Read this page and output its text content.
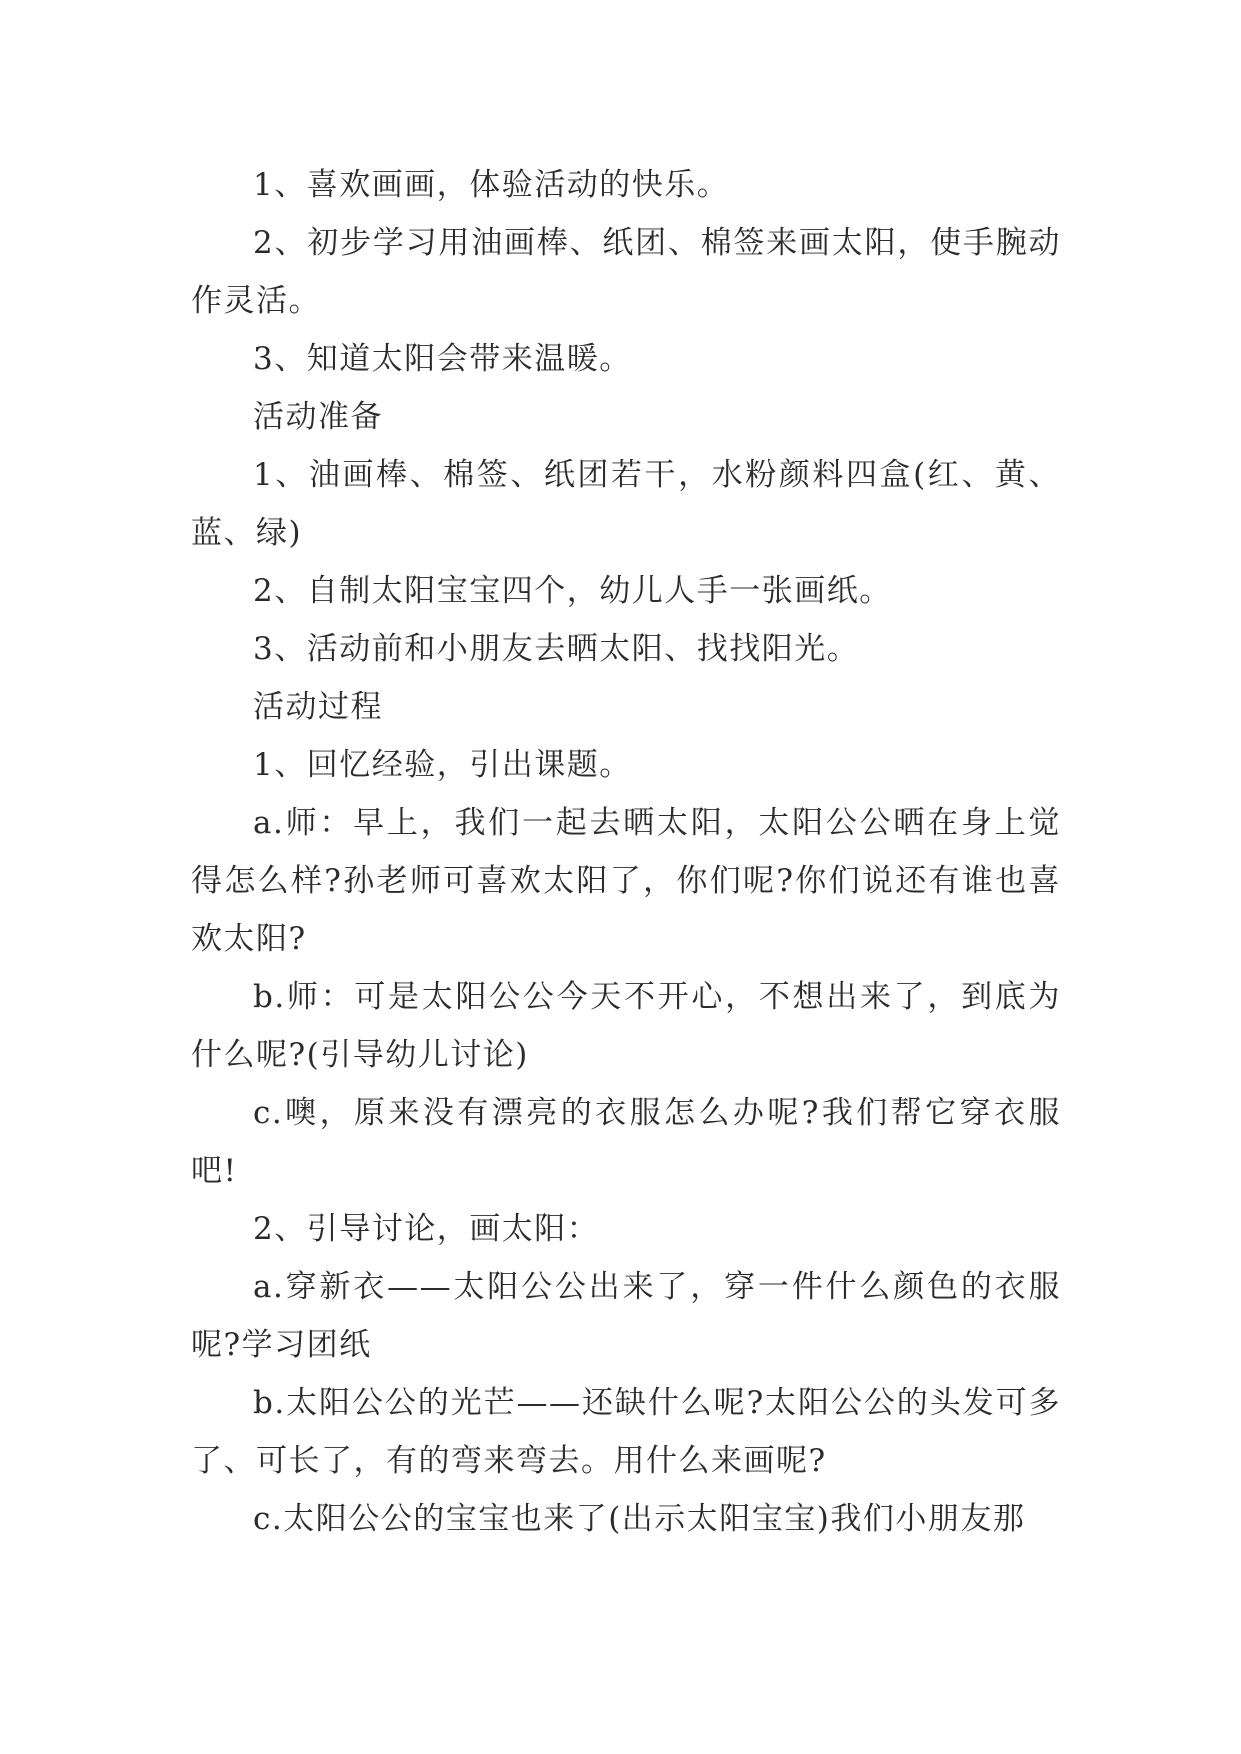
1、喜欢画画，体验活动的快乐。

2、初步学习用油画棒、纸团、棉签来画太阳，使手腕动作灵活。

3、知道太阳会带来温暖。

活动准备

1、油画棒、棉签、纸团若干，水粉颜料四盒(红、黄、蓝、绿)

2、自制太阳宝宝四个，幼儿人手一张画纸。

3、活动前和小朋友去晒太阳、找找阳光。

活动过程

1、回忆经验，引出课题。

a.师：早上，我们一起去晒太阳，太阳公公晒在身上觉得怎么样?孙老师可喜欢太阳了，你们呢?你们说还有谁也喜欢太阳?

b.师：可是太阳公公今天不开心，不想出来了，到底为什么呢?(引导幼儿讨论)

c.噢，原来没有漂亮的衣服怎么办呢?我们帮它穿衣服吧!

2、引导讨论，画太阳：

a.穿新衣——太阳公公出来了，穿一件什么颜色的衣服呢?学习团纸

b.太阳公公的光芒——还缺什么呢?太阳公公的头发可多了、可长了，有的弯来弯去。用什么来画呢?

c.太阳公公的宝宝也来了(出示太阳宝宝)我们小朋友那
